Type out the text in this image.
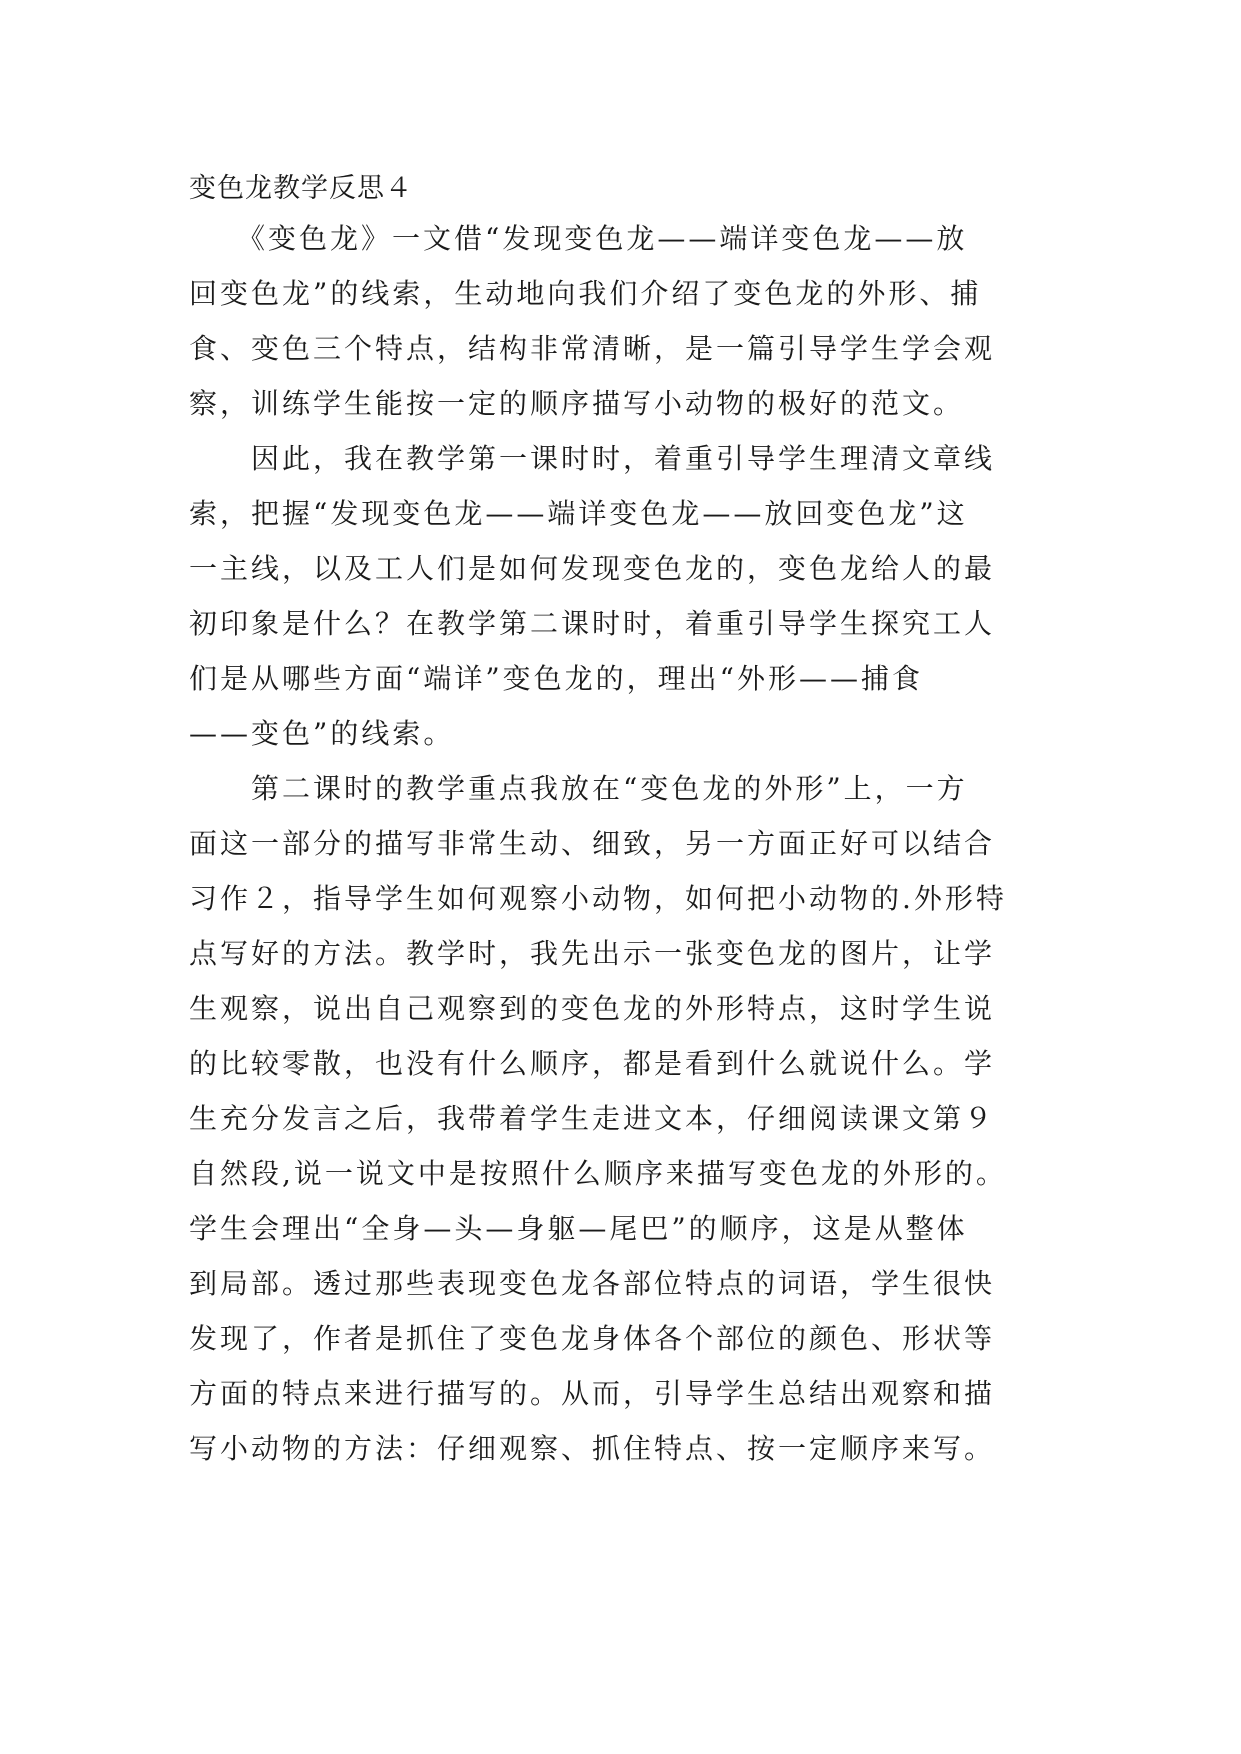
变色龙教学反思４
　　《变色龙》一文借“发现变色龙——端详变色龙——放
回变色龙”的线索，生动地向我们介绍了变色龙的外形、捕
食、变色三个特点，结构非常清晰，是一篇引导学生学会观
察，训练学生能按一定的顺序描写小动物的极好的范文。
　　因此，我在教学第一课时时，着重引导学生理清文章线
索，把握“发现变色龙——端详变色龙——放回变色龙”这
一主线，以及工人们是如何发现变色龙的，变色龙给人的最
初印象是什么？在教学第二课时时，着重引导学生探究工人
们是从哪些方面“端详”变色龙的，理出“外形——捕食
——变色”的线索。
　　第二课时的教学重点我放在“变色龙的外形”上，一方
面这一部分的描写非常生动、细致，另一方面正好可以结合
习作２，指导学生如何观察小动物，如何把小动物的.外形特
点写好的方法。教学时，我先出示一张变色龙的图片，让学
生观察，说出自己观察到的变色龙的外形特点，这时学生说
的比较零散，也没有什么顺序，都是看到什么就说什么。学
生充分发言之后，我带着学生走进文本，仔细阅读课文第９
自然段,说一说文中是按照什么顺序来描写变色龙的外形的。
学生会理出“全身—头—身躯—尾巴”的顺序，这是从整体
到局部。透过那些表现变色龙各部位特点的词语，学生很快
发现了，作者是抓住了变色龙身体各个部位的颜色、形状等
方面的特点来进行描写的。从而，引导学生总结出观察和描
写小动物的方法：仔细观察、抓住特点、按一定顺序来写。
